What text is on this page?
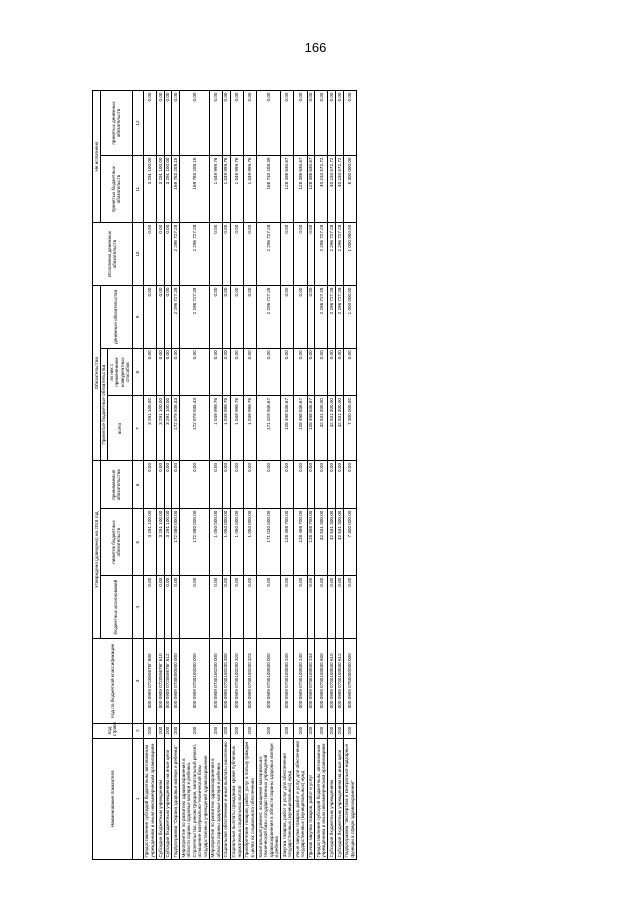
166
Наименование показателя	Код строки	Код по бюджетной классификации	Утверждено (доведено) на 2018 год			Обязательства			Исполнено денежных обязательств	Не исполнено	
			бюджетных ассигнований	лимитов бюджетных обязательств	принимаемые обязательства	Принятые бюджетные обязательства		денежные обязательства		принятых бюджетных обязательств	принятых денежных обязательств
						всего	из них с применением конкурентных способов				
1	2	3	4	5	6	7	8	9	10	11	12
Предоставление субсидий бюджетным, автономным учреждениям и иным некоммерческим организациям	200	000 0909 072055676Г 600	0.00	3 291 100.00	0.00	3 291 100.00	0.00	0.00	0.00	3 291 100.00	0.00
Субсидии бюджетным учреждениям	200	000 0909 072055676Г 610	0.00	3 291 100.00	0.00	3 291 100.00	0.00	0.00	0.00	3 291 100.00	0.00
Субсидии бюджетным учреждениям на иные цели	200	000 0909 072055676Г 612	0.00	3 291 100.00	0.00	3 291 100.00	0.00	0.00	0.00	3 291 100.00	0.00
Подпрограмма "Охрана здоровья матери и ребенка"	200	000 0909 0730000000 000	0.00	172 080 000.00	0.00	172 079 935.43	0.00	2 296 727.28	2 296 727.28	169 783 208.15	0.00
Мероприятие по развитию здравоохранения в области охраны здоровья матери и ребенка. Строительство, реконструкция, капитальный ремонт, оснащение материально-технической базы государственных учреждений здравоохранения	200	000 0909 0730100000 000	0.00	172 080 000.00	0.00	172 079 935.43	0.00	2 296 727.28	2 296 727.28	169 783 208.15	0.00
Мероприятие по развитию здравоохранения в области охраны здоровья матери и ребенка	200	000 0909 0730100200 000	0.00	1 050 000.00	0.00	1 049 999.76	0.00	0.00	0.00	1 049 999.76	0.00
Социальное обеспечение и иные выплаты населению	200	000 0909 0730100200 300	0.00	1 050 000.00	0.00	1 049 999.76	0.00	0.00	0.00	1 049 999.76	0.00
Социальные выплаты гражданам, кроме публичных нормативных социальных выплат	200	000 0909 0730100200 320	0.00	1 050 000.00	0.00	1 049 999.76	0.00	0.00	0.00	1 049 999.76	0.00
Приобретение товаров, работ, услуг в пользу граждан в целях их социального обеспечения	200	000 0909 0730100200 323	0.00	1 050 000.00	0.00	1 049 999.76	0.00	0.00	0.00	1 049 999.76	0.00
Капитальный ремонт, оснащение материально-технической базы государственных учреждений здравоохранения в области охраны здоровья матери и ребенка	200	000 0909 0730100500 000	0.00	171 030 000.00	0.00	171 029 935.67	0.00	2 296 727.28	2 296 727.28	168 733 208.39	0.00
Закупка товаров, работ и услуг для обеспечения государственных (муниципальных) нужд	200	000 0909 0730100500 200	0.00	128 498 700.00	0.00	128 498 635.67	0.00	0.00	0.00	128 498 635.67	0.00
Иные закупки товаров, работ и услуг для обеспечения государственных (муниципальных) нужд	200	000 0909 0730100500 240	0.00	128 498 700.00	0.00	128 498 635.67	0.00	0.00	0.00	128 498 635.67	0.00
Прочая закупка товаров, работ и услуг	200	000 0909 0730100500 244	0.00	128 498 700.00	0.00	128 498 635.67	0.00	0.00	0.00	128 498 635.67	0.00
Предоставление субсидий бюджетным, автономным учреждениям и иным некоммерческим организациям	200	000 0909 0730100500 600	0.00	42 531 300.00	0.00	42 531 300.00	0.00	2 296 727.28	2 296 727.28	40 234 572.72	0.00
Субсидии бюджетным учреждениям	200	000 0909 0730100500 610	0.00	42 531 300.00	0.00	42 531 300.00	0.00	2 296 727.28	2 296 727.28	40 234 572.72	0.00
Субсидии бюджетным учреждениям на иные цели	200	000 0909 0730100500 612	0.00	42 531 300.00	0.00	42 531 300.00	0.00	2 296 727.28	2 296 727.28	40 234 572.72	0.00
Подпрограмма "Экспертиза и контрольно-надзорные функции в сфере здравоохранения"	200	000 0909 0750000000 000	0.00	7 300 000.00	0.00	7 300 000.00	0.00	1 000 000.00	1 000 000.00	6 300 000.00	0.00
